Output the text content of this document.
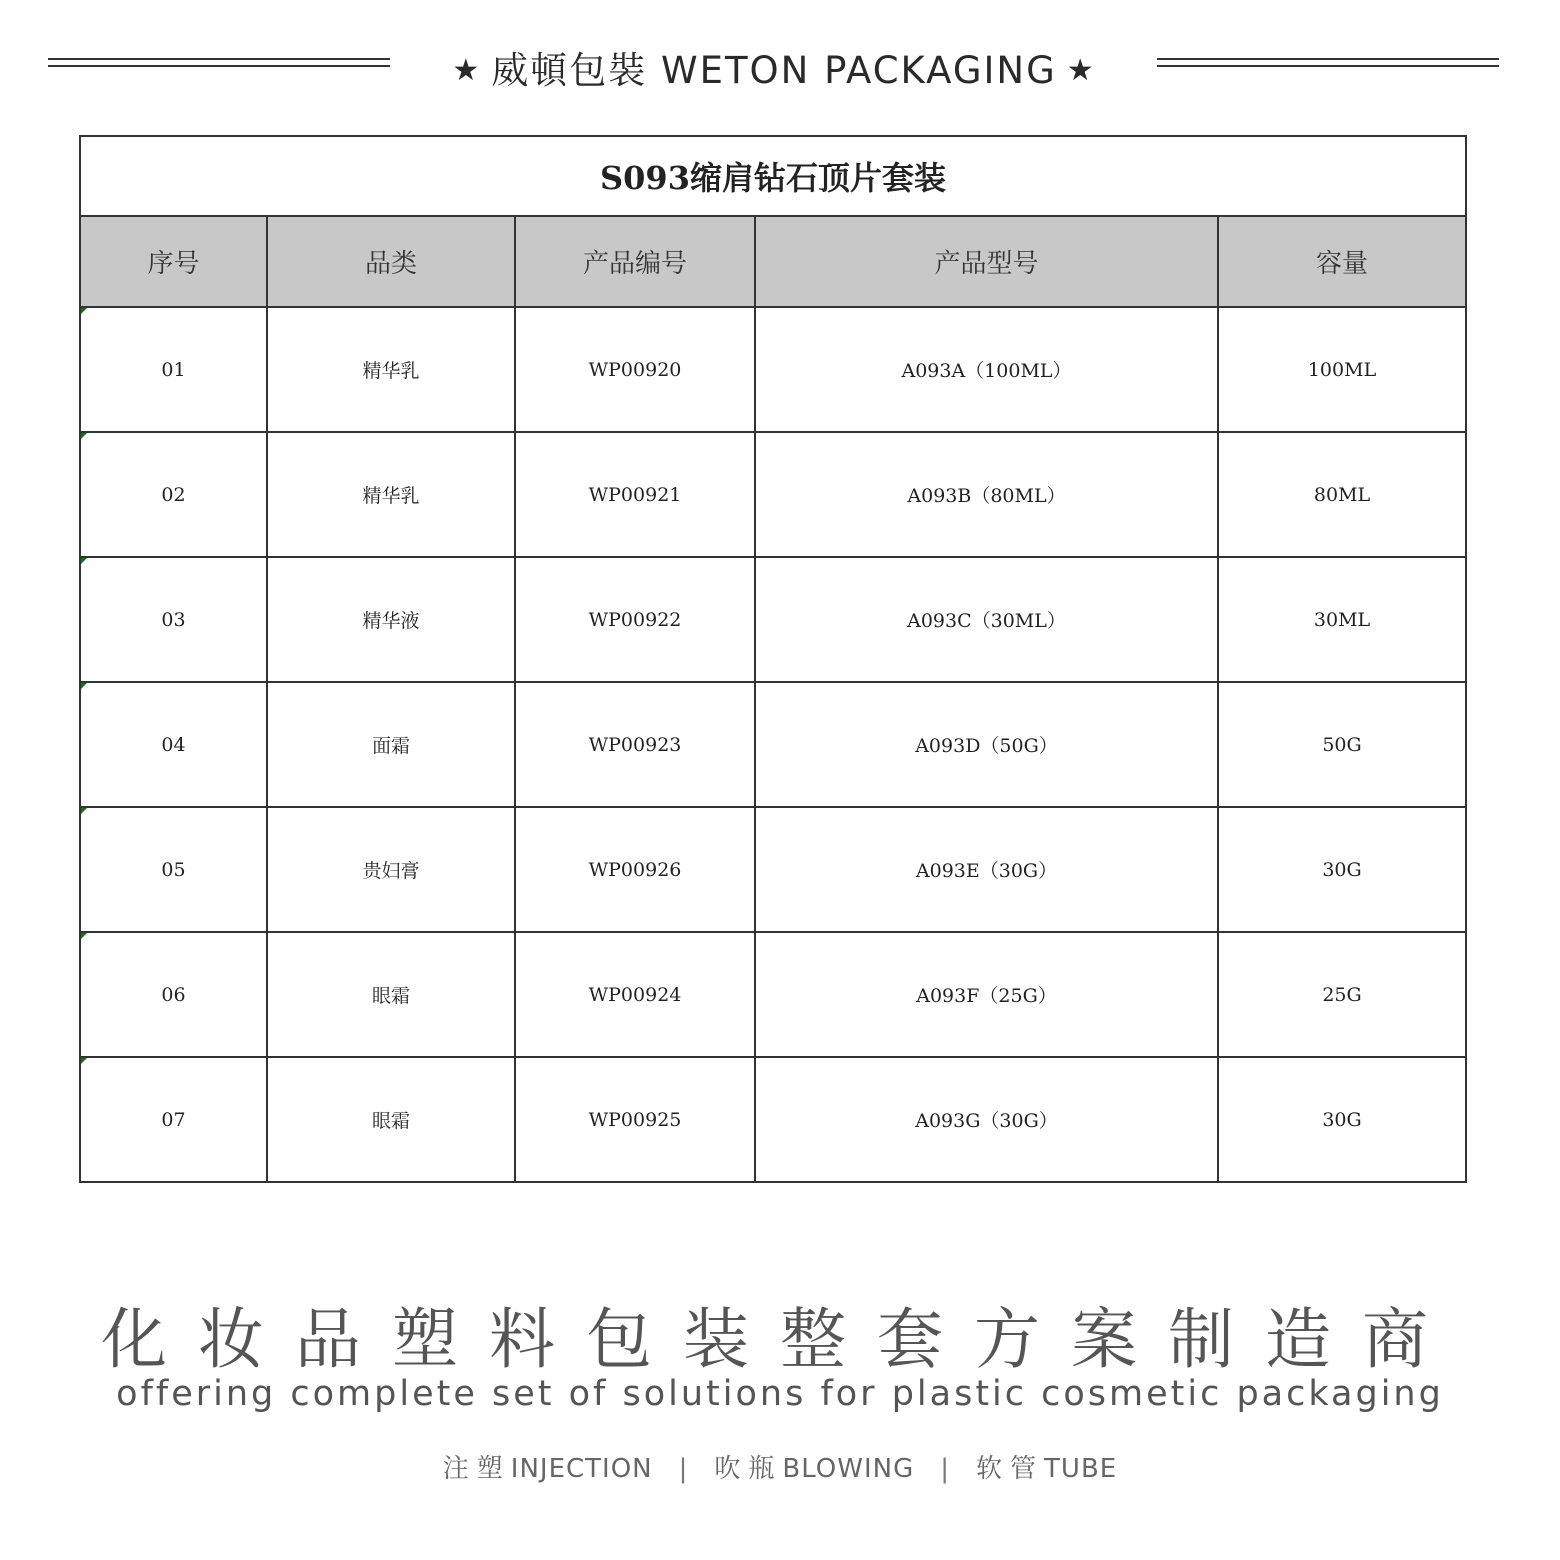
★ 威頓包裝 WETON PACKAGING ★
S093缩肩钻石顶片套装				
序号	品类	产品编号	产品型号	容量

01	精华乳	WP00920	A093A（100ML）	100ML

02	精华乳	WP00921	A093B（80ML）	80ML

03	精华液	WP00922	A093C（30ML）	30ML

04	面霜	WP00923	A093D（50G）	50G

05	贵妇膏	WP00926	A093E（30G）	30G

06	眼霜	WP00924	A093F（25G）	25G

07	眼霜	WP00925	A093G（30G）	30G
化妆品塑料包装整套方案制造商
offering complete set of solutions for plastic cosmetic packaging
注塑INJECTION | 吹瓶BLOWING | 软管TUBE
